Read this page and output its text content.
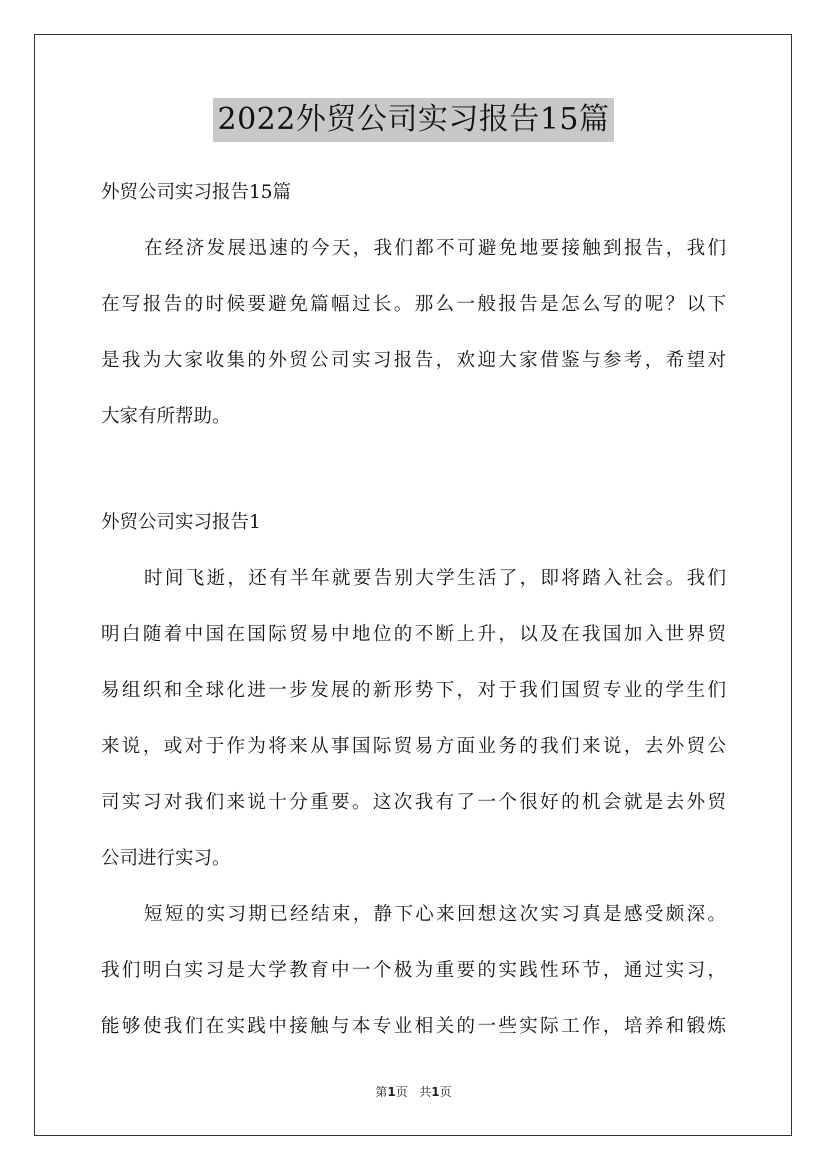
2022外贸公司实习报告15篇
外贸公司实习报告15篇
在经济发展迅速的今天，我们都不可避免地要接触到报告，我们
在写报告的时候要避免篇幅过长。那么一般报告是怎么写的呢？以下
是我为大家收集的外贸公司实习报告，欢迎大家借鉴与参考，希望对
大家有所帮助。
外贸公司实习报告1
时间飞逝，还有半年就要告别大学生活了，即将踏入社会。我们
明白随着中国在国际贸易中地位的不断上升，以及在我国加入世界贸
易组织和全球化进一步发展的新形势下，对于我们国贸专业的学生们
来说，或对于作为将来从事国际贸易方面业务的我们来说，去外贸公
司实习对我们来说十分重要。这次我有了一个很好的机会就是去外贸
公司进行实习。
短短的实习期已经结束，静下心来回想这次实习真是感受颇深。
我们明白实习是大学教育中一个极为重要的实践性环节，通过实习，
能够使我们在实践中接触与本专业相关的一些实际工作，培养和锻炼
第1页 共1页
